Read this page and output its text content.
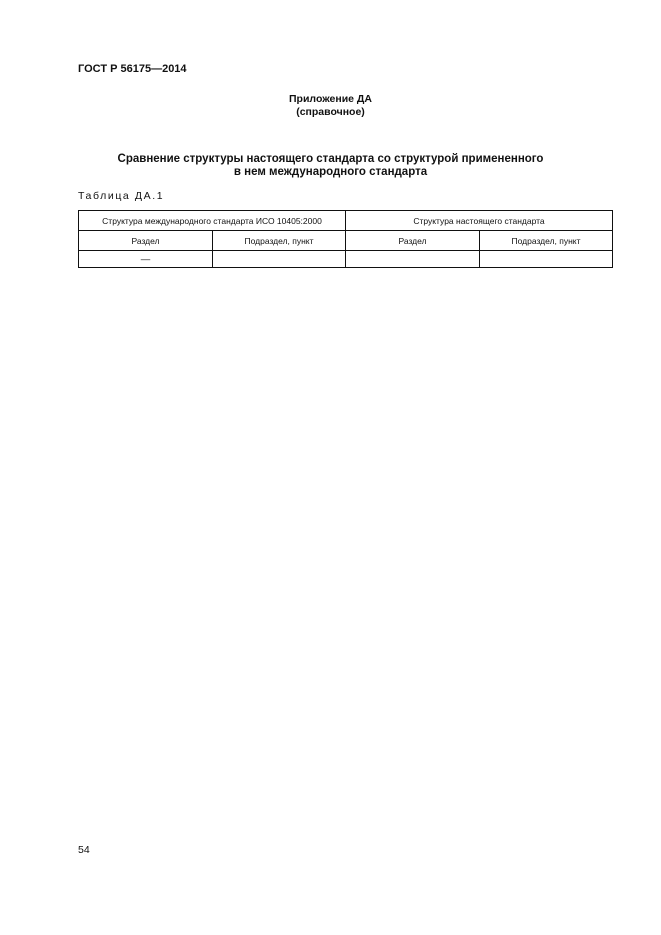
ГОСТ Р 56175—2014
Приложение ДА
(справочное)
Сравнение структуры настоящего стандарта со структурой примененного
в нем международного стандарта
Таблица ДА.1
Структура международного стандарта ИСО 10405:2000		Структура настоящего стандарта	
Раздел	Подраздел, пункт	Раздел	Подраздел, пункт
—			
54
